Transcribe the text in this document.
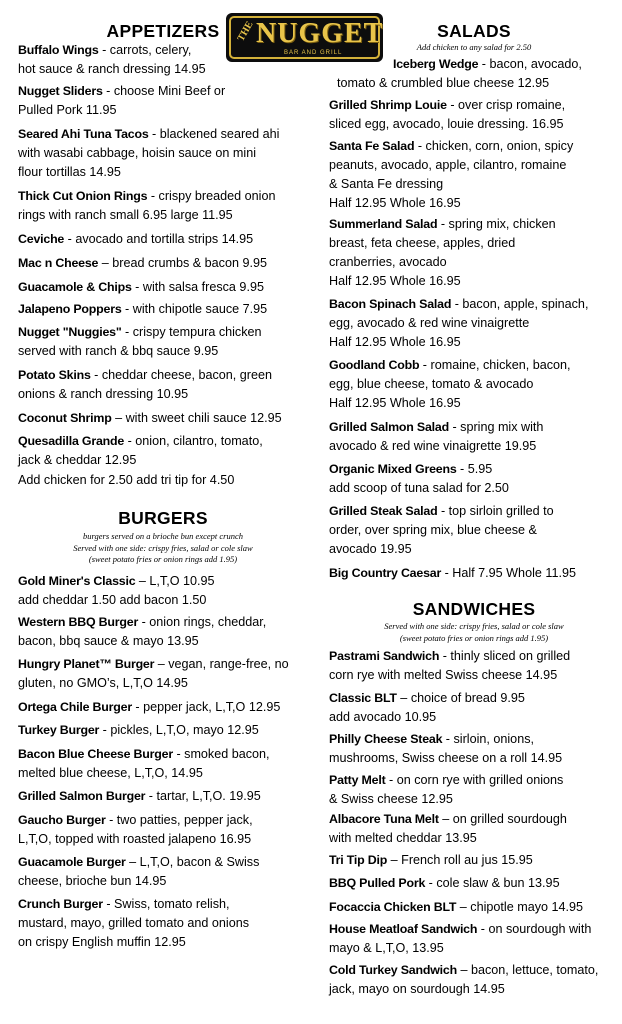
THE NUGGET
BAR AND GRILL
APPETIZERS
Buffalo Wings - carrots, celery,
hot sauce & ranch dressing 14.95
Nugget Sliders - choose Mini Beef or
Pulled Pork 11.95
Seared Ahi Tuna Tacos - blackened seared ahi
with wasabi cabbage, hoisin sauce on mini
flour tortillas 14.95
Thick Cut Onion Rings - crispy breaded onion
rings with ranch small 6.95 large 11.95
Ceviche - avocado and tortilla strips 14.95
Mac n Cheese – bread crumbs & bacon 9.95
Guacamole & Chips - with salsa fresca 9.95
Jalapeno Poppers - with chipotle sauce 7.95
Nugget "Nuggies" - crispy tempura chicken
served with ranch & bbq sauce 9.95
Potato Skins - cheddar cheese, bacon, green
onions & ranch dressing 10.95
Coconut Shrimp – with sweet chili sauce 12.95
Quesadilla Grande - onion, cilantro, tomato,
jack & cheddar 12.95
Add chicken for 2.50 add tri tip for 4.50
BURGERS
burgers served on a brioche bun except crunch
Served with one side: crispy fries, salad or cole slaw
(sweet potato fries or onion rings add 1.95)
Gold Miner's Classic – L,T,O 10.95
add cheddar 1.50 add bacon 1.50
Western BBQ Burger - onion rings, cheddar,
bacon, bbq sauce & mayo 13.95
Hungry Planet™ Burger – vegan, range-free, no
gluten, no GMO’s, L,T,O 14.95
Ortega Chile Burger - pepper jack, L,T,O 12.95
Turkey Burger - pickles, L,T,O, mayo 12.95
Bacon Blue Cheese Burger - smoked bacon,
melted blue cheese, L,T,O, 14.95
Grilled Salmon Burger - tartar, L,T,O. 19.95
Gaucho Burger - two patties, pepper jack,
L,T,O, topped with roasted jalapeno 16.95
Guacamole Burger – L,T,O, bacon & Swiss
cheese, brioche bun 14.95
Crunch Burger - Swiss, tomato relish,
mustard, mayo, grilled tomato and onions
on crispy English muffin 12.95
SALADS
Add chicken to any salad for 2.50
Iceberg Wedge - bacon, avocado,
tomato & crumbled blue cheese 12.95
Grilled Shrimp Louie - over crisp romaine,
sliced egg, avocado, louie dressing. 16.95
Santa Fe Salad - chicken, corn, onion, spicy
peanuts, avocado, apple, cilantro, romaine
& Santa Fe dressing
Half 12.95 Whole 16.95
Summerland Salad - spring mix, chicken
breast, feta cheese, apples, dried
cranberries, avocado
Half 12.95 Whole 16.95
Bacon Spinach Salad - bacon, apple, spinach,
egg, avocado & red wine vinaigrette
Half 12.95 Whole 16.95
Goodland Cobb - romaine, chicken, bacon,
egg, blue cheese, tomato & avocado
Half 12.95 Whole 16.95
Grilled Salmon Salad - spring mix with
avocado & red wine vinaigrette 19.95
Organic Mixed Greens - 5.95
add scoop of tuna salad for 2.50
Grilled Steak Salad - top sirloin grilled to
order, over spring mix, blue cheese &
avocado 19.95
Big Country Caesar - Half 7.95 Whole 11.95
SANDWICHES
Served with one side: crispy fries, salad or cole slaw
(sweet potato fries or onion rings add 1.95)
Pastrami Sandwich - thinly sliced on grilled
corn rye with melted Swiss cheese 14.95
Classic BLT – choice of bread 9.95
add avocado 10.95
Philly Cheese Steak - sirloin, onions,
mushrooms, Swiss cheese on a roll 14.95
Patty Melt - on corn rye with grilled onions
& Swiss cheese 12.95
Albacore Tuna Melt – on grilled sourdough
with melted cheddar 13.95
Tri Tip Dip – French roll au jus 15.95
BBQ Pulled Pork - cole slaw & bun 13.95
Focaccia Chicken BLT – chipotle mayo 14.95
House Meatloaf Sandwich - on sourdough with
mayo & L,T,O, 13.95
Cold Turkey Sandwich – bacon, lettuce, tomato,
jack, mayo on sourdough 14.95
